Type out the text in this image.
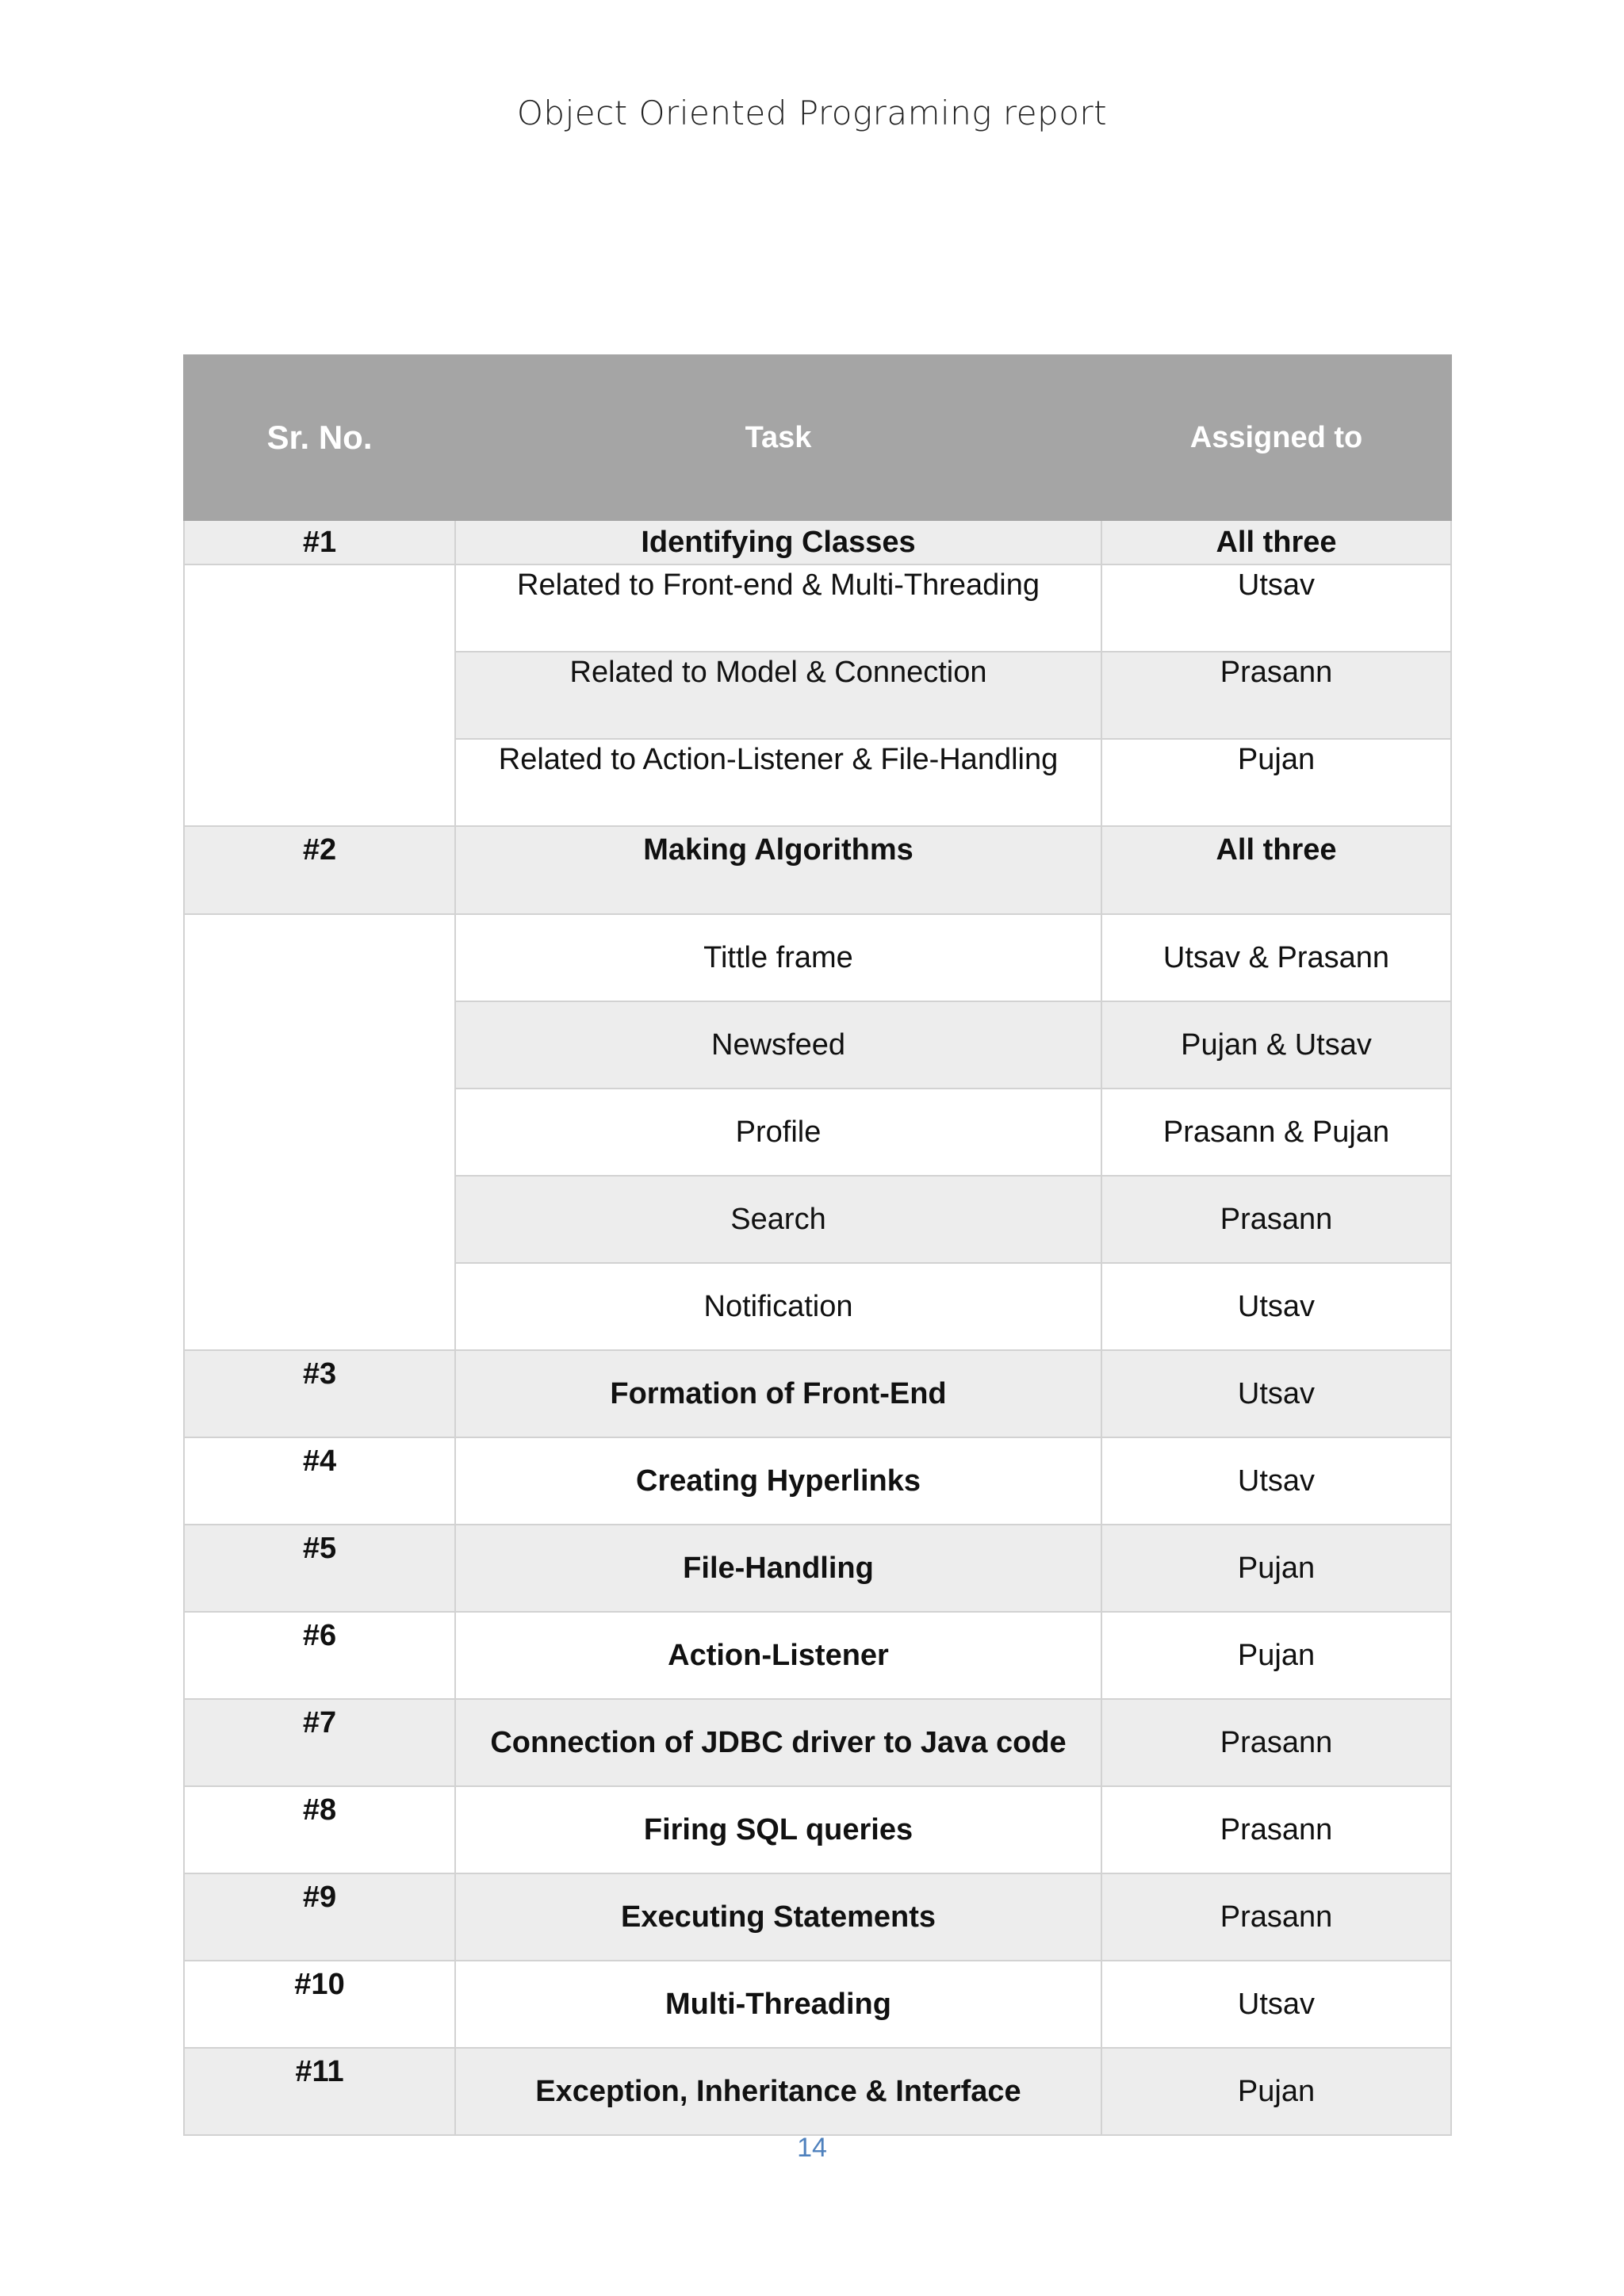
Object Oriented Programing report
Sr. No.	Task	Assigned to
#1	Identifying Classes	All three

	Related to Front-end & Multi-Threading	Utsav

	Related to Model & Connection	Prasann

	Related to Action-Listener & File-Handling	Pujan

#2	Making Algorithms	All three

	Tittle frame	Utsav & Prasann
	Newsfeed	Pujan & Utsav
	Profile	Prasann & Pujan
	Search	Prasann
	Notification	Utsav

#3	Formation of Front-End	Utsav

#4	Creating Hyperlinks	Utsav

#5	File-Handling	Pujan

#6	Action-Listener	Pujan

#7	Connection of JDBC driver to Java code	Prasann

#8	Firing SQL queries	Prasann

#9	Executing Statements	Prasann

#10	Multi-Threading	Utsav

#11	Exception, Inheritance & Interface	Pujan
14
